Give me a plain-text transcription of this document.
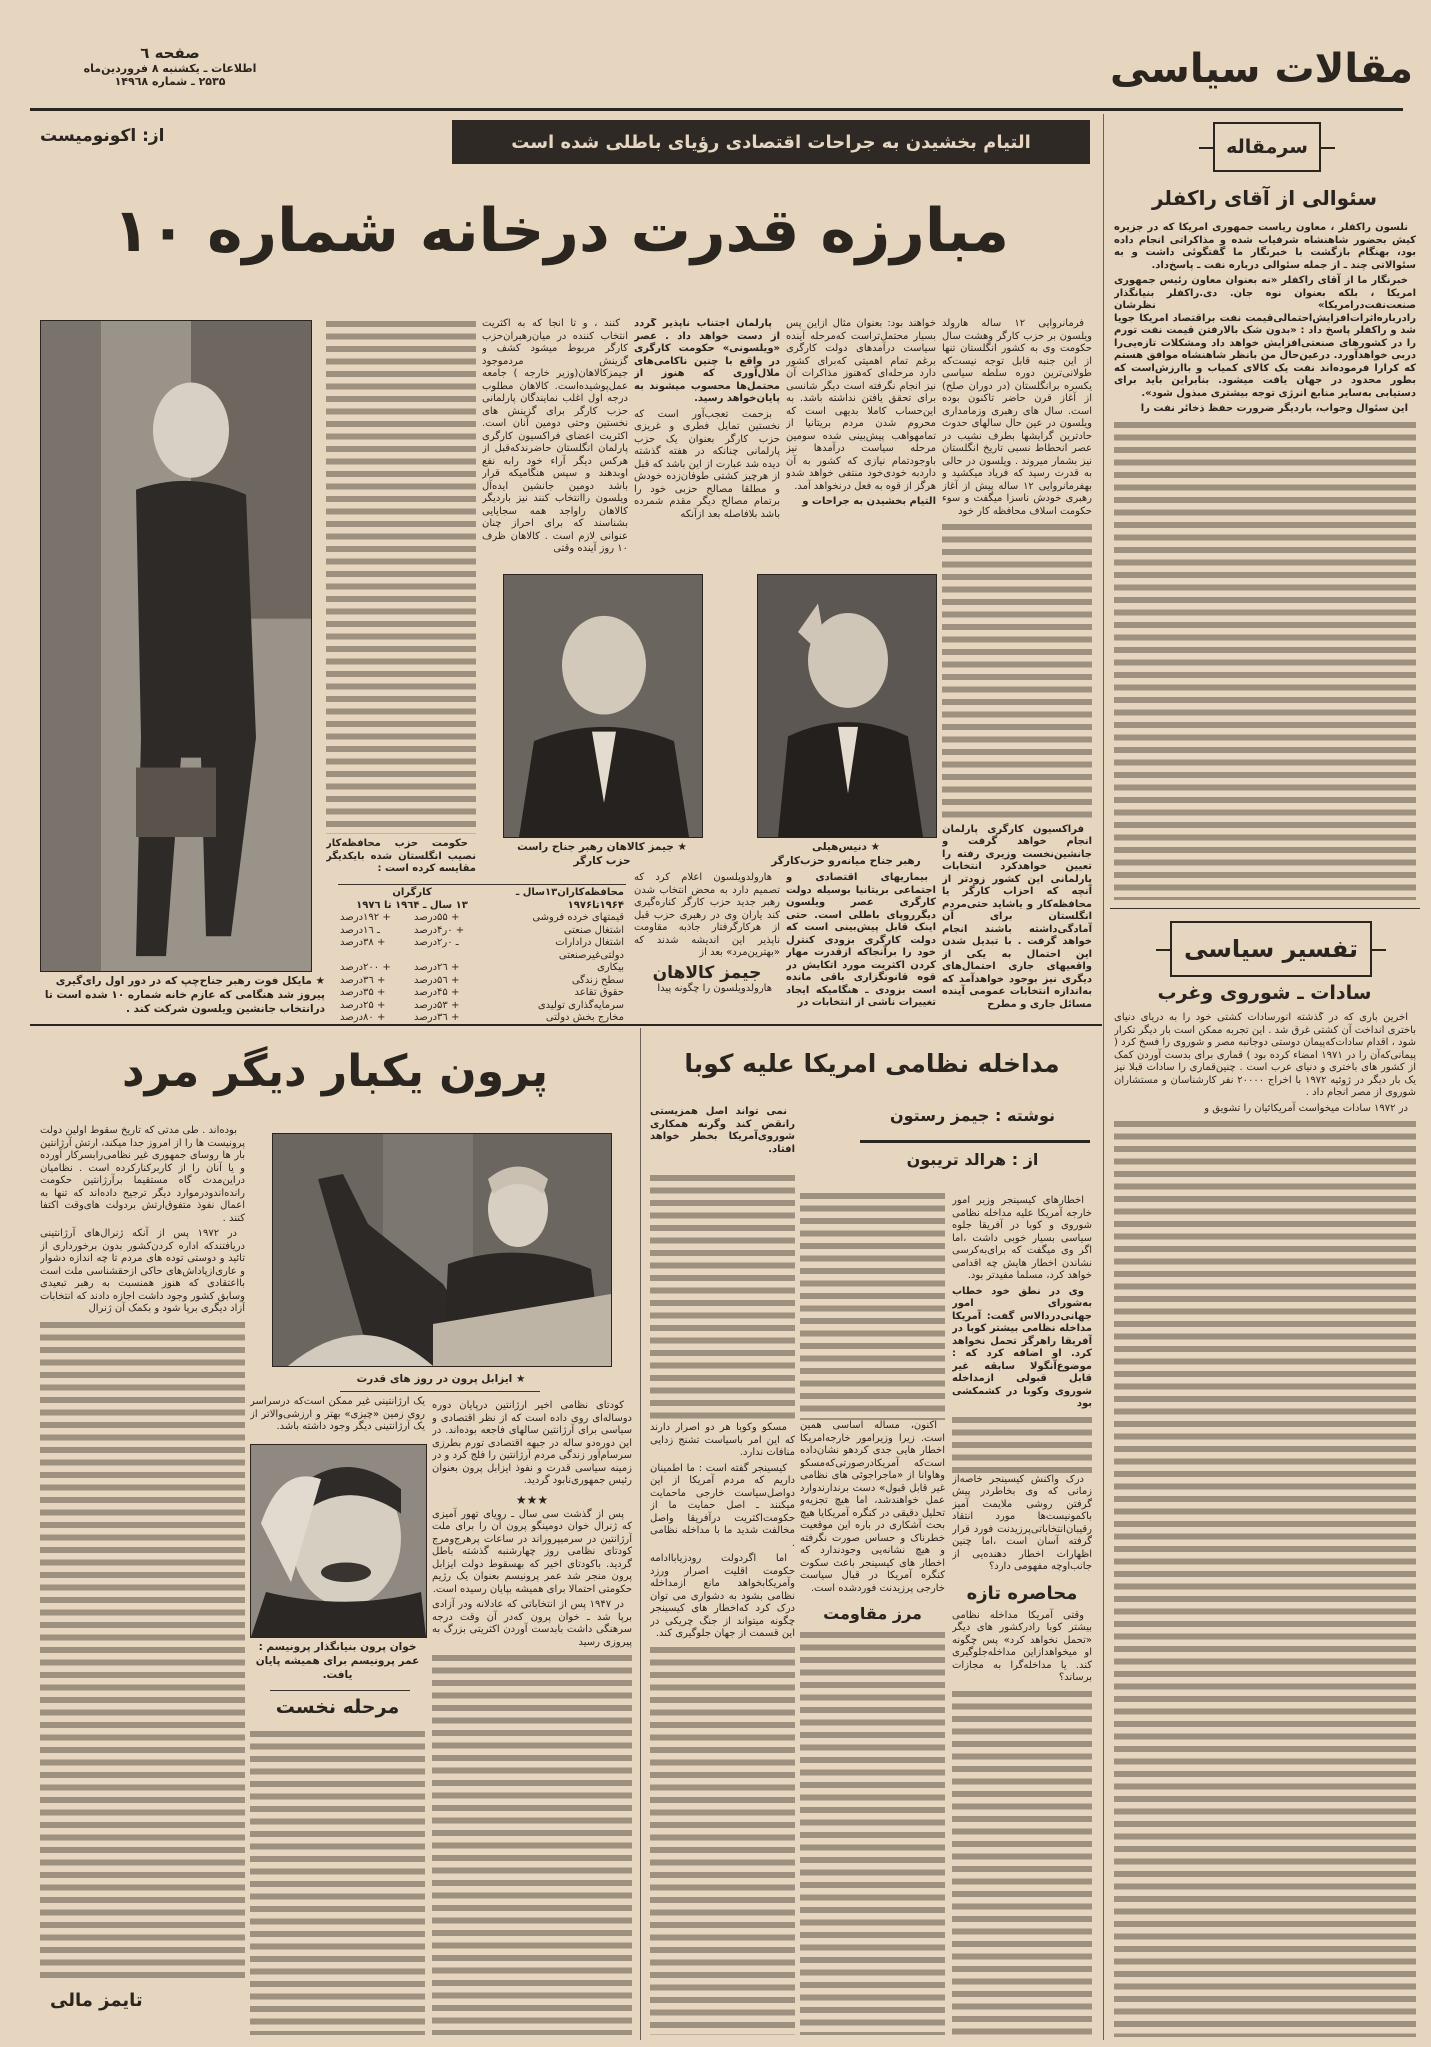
مقالات سیاسی
صفحه ٦
اطلاعات ـ یکشنبه ۸ فروردین‌ماه
۲۵۳۵ ـ شماره ۱۴۹٦۸
سرمقاله
سئوالی از آقای راکفلر

نلسون راکفلر ، معاون ریاست جمهوری امریکا که در جزیره کیش بحضور شاهنشاه شرفیاب شده و مذاکراتی انجام داده بود، بهنگام بازگشت با خبرنگار ما گفتگوئی داشت و به سئوالاتی چند ـ از جمله سئوالی درباره نفت ـ پاسخ‌داد.

خبرنگار ما از آقای راکفلر «نه بعنوان معاون رئیس جمهوری امریکا ، بلکه بعنوان نوه جان. دی.راکفلر بنیانگذار صنعت‌نفت‌درامریکا» نظرشان رادرباره‌اثرات‌افزایش‌احتمالی‌قیمت نفت براقتصاد امریکا جویا شد و راکفلر پاسخ داد : «بدون شک بالارفتن قیمت نفت تورم را در کشورهای صنعتی‌افزایش خواهد داد ومشکلات تازه‌یی‌را دربی خواهدآورد. درعین‌حال من بانظر شاهنشاه موافق هستم که کرارا فرموده‌اند نفت یک کالای کمیاب و باارزش‌است که بطور محدود در جهان یافت میشود. بنابراین باید برای دستیابی به‌سایر منابع انرژی توجه بیشتری مبذول شود».

این سئوال وجواب، باردیگر ضرورت حفظ ذخائر نفت را

تفسیر سیاسی
سادات ـ شوروی وغرب

آخرین باری که در گذشته انورسادات کشتی خود را به دریای دنیای باختری انداخت آن کشتی غرق شد . این تجربه ممکن است بار دیگر تکرار شود ، اقدام سادات‌که‌پیمان دوستی دوجانبه مصر و شوروی را فسخ کرد ( پیمانی‌که‌آن را در ۱۹۷۱ امضاء کرده بود ) قماری برای بدست آوردن کمک از کشور های باختری و دنیای عرب است . چنین‌قماری را سادات قبلا نیز یک بار دیگر در ژوئیه ۱۹۷۲ با اخراج ۲۰۰۰۰ نفر کارشناسان و مستشاران شوروی از مصر انجام داد .

در ۱۹۷۲ سادات میخواست آمریکائیان را تشویق و

التیام بخشیدن به جراحات اقتصادی رؤیای باطلی شده است
از: اکونومیست
مبارزه قدرت درخانه شماره ۱۰
★ مایکل فوت رهبر جناح‌چپ که در دور اول رای‌گیری پیروز شد هنگامی که عازم خانه شماره ۱۰ شده است تا درانتخاب جانشین ویلسون شرکت کند .

فرمانروایی ۱۲ ساله هارولد ویلسون بر حزب کارگر وهشت سال حکومت وی به کشور انگلستان تنها از این جنبه قابل توجه نیست‌که طولانی‌ترین دوره سلطه سیاسی یکسره برانگلستان (در دوران صلح) از آغاز قرن حاضر تاکنون بوده است. سال های رهبری وزمامداری ویلسون در عین حال سالهای حدوث حادترین گرایشها بطرف نشیب در عصر انحطاط نسبی تاریخ انگلستان نیز بشمار میروند . ویلسون در حالی به قدرت رسید که فریاد میکشید و بهفرمانروایی ۱۲ ساله پیش از آغاز رهبری خودش ناسزا میگفت و سوء حکومت اسلاف محافظه کار خود

فراکسیون کارگری پارلمان انجام خواهد گرفت و جانشین‌نخست وزیری رفته را تعیین خواهدکرد انتخابات پارلمانی این کشور زودتر از آنچه که احزاب کارگر یا محافظه‌کار و یاشاید حتی‌مردم انگلستان برای آن آمادگی‌داشته باشند انجام خواهد گرفت . با تبدیل شدن این احتمال به یکی از واقعیهای جاری احتمال‌های دیگری نیز بوجود خواهدآمد که به‌اندازه انتخابات عمومی آینده مسائل جاری و مطرح

خواهند بود: بعنوان مثال ازاین پس بسیار محتمل‌تراست که‌مرحله آینده سیاست درآمدهای دولت کارگری برغم تمام اهمیتی که‌برای کشور دارد مرحله‌ای که‌هنوز مذاکرات آن نیز انجام نگرفته است دیگر شانسی برای تحقق یافتن نداشته باشد. به این‌حساب کاملا بدیهی است که محروم شدن مردم بریتانیا از تمامهواهب پیش‌بینی شده سومین مرحله سیاست درآمدها نیز باوجودتمام نیازی که کشور به آن داردبه خودی‌خود منتفی خواهد شدو هرگز از قوه به فعل درنخواهد آمد.

التیام بخشیدن به جراحات و

پارلمان اجتناب ناپذیر گردد از دست خواهد داد . عصر «ویلسونی» حکومت کارگری در واقع با چنین ناکامی‌های ملال‌آوری که هنوز از محتمل‌ها محسوب میشوند به پایان‌خواهد رسید.

بزحمت تعجب‌آور است که نخستین تمایل فطری و غریزی حزب کارگر بعنوان یک حزب پارلمانی چنانکه در هفته گذشته دیده شد عبارت از این باشد که قبل از هرچیز کشتی طوفان‌زده خودش و مطلقا مصالح حزبی خود را برتمام مصالح دیگر مقدم شمرده باشد بلافاصله بعد ازآنکه

کنند ، و تا آنجا که به اکثریت انتخاب کننده در میان‌رهبران‌حزب کارگر مربوط میشود کشف و گزینش مردموجود جیمزکالاهان(وزیر خارجه ) جامعه عمل‌پوشیده‌است. کالاهان مطلوب درجه اول اغلب نمایندگان پارلمانی حزب کارگر برای گزینش های نخستین وحتی دومین آنان است. اکثریت اعضای فراکسیون کارگری پارلمان انگلستان حاضرندکه‌قبل از هرکس دیگر آراء خود رابه نفع اوبدهند و سپس هنگامیکه قرار باشد دومین جانشین ایده‌آل ویلسون راانتخاب کنند نیز باردیگر کالاهان راواجد همه سجایایی بشناسند که برای احراز چنان عنوانی لازم است . کالاهان ظرف ۱۰ روز آینده وقتی

★ دنیس‌هیلی
رهبر جناح میانه‌رو حزب‌کارگر
★ جیمز کالاهان رهبر جناح راست حزب کارگر

بیماریهای اقتصادی و اجتماعی بریتانیا بوسیله دولت کارگری عصر ویلسون دیگرروپای باطلی است. حتی اینک قابل پیش‌بینی است که دولت کارگری بزودی کنترل خود را برآنجاکه ازقدرت مهار کردن اکثریت مورد اتکایش در قوه قانونگزاری باقی مانده است بزودی ـ هنگامیکه ایجاد تغییرات ناشی از انتخابات در

هارولدویلسون اعلام کرد که تصمیم دارد به محض انتخاب شدن رهبر جدید حزب کارگر کناره‌گیری کند یاران وی در رهبری حزب قبل از هرکارگرفتار جاذبه مقاومت ناپذیر این اندیشه شدند که «بهترین‌مرد» بعد از

جیمز کالاهان

هارولدویلسون را چگونه پیدا

حکومت حزب محافظه‌کار نصیب انگلستان شده بایکدیگر مقایسه کرده است :

محافظه‌کاران۱۳سال ـ ۱۹۶۴تا۱۹۷۶	کارگران
۱۳ سال ـ ۱۹٦۴ تا ۱۹۷٦	

قیمتهای خرده فروشی	+ ۵۵درصد	+ ۱۹۲درصد
اشتغال صنعتی	+ ۰ر۴درصد	ـ ۱٦درصد
اشتغال درادارات دولتی‌غیرصنعتی	ـ ۰ر۲درصد	+ ۳۸درصد
بیکاری	+ ۲٦درصد	+ ۲۰۰درصد
سطح زندگی	+ ۵٦درصد	+ ۳٦درصد
حقوق تقاعد	+ ۴۵درصد	+ ۳۵درصد
سرمایه‌گذاری تولیدی	+ ۵۳درصد	+ ۲۵درصد
مخارج بخش دولتی	+ ۳٦درصد	+ ۸۰درصد
مداخله نظامی امریکا علیه کوبا

نمی تواند اصل همزیستی رانقض کند وگرنه همکاری شوروی‌آمریکا بخطر خواهد افتاد.

نوشته : جیمز رستون
از : هرالد تریبون

اخطارهای کیسینجر وزیر امور خارجه آمریکا علیه مداخله نظامی شوروی و کوبا در آفریقا جلوه سیاسی بسیار خوبی داشت ،اما اگر وی میگفت که برای‌به‌کرسی نشاندن اخطار هایش چه اقدامی خواهد کرد، مسلما مفیدتر بود.

وی در نطق خود خطاب به‌شورای امور جهانی‌دردالاس گفت: آمریکا مداخله نظامی بیشتر کوبا در آفریقا راهرگز تحمل نخواهد کرد. او اضافه کرد که : موضوع‌آنگولا سابقه غیر قابل قبولی ازمداخله شوروی وکوبا در کشمکشی بود

درک واکنش کیسینجر خاصه‌از زمانی که وی بخاطردر پیش گرفتن روشی ملایمت آمیز باکمونیست‌ها مورد انتقاد رقیبان‌انتخاباتی‌پرزیدنت فورد قرار گرفته آسان است ،اما چنین اظهارات اخطار دهنده‌یی از جانب‌اوچه مفهومی دارد؟

محاصره تازه

وقتی آمریکا مداخله نظامی بیشتر کوبا رادرکشور های دیگر «تحمل نخواهد کرد» پس چگونه او میخواهدازاین مداخله‌جلوگیری کند. یا مداخله‌گرا به مجازات برساند؟

اکنون، مساله اساسی همین است. زیرا وزیرامور خارجه‌امریکا اخطار هایی جدی کردهو نشان‌داده است‌که آمریکادرصورتی‌که‌مسکو وهاوانا از «ماجراجوئی های نظامی غیر قابل قبول» دست برندارندوارد عمل خواهندشد، اما هیچ تجزیه‌و تحلیل دقیقی در کنگره آمریکایا هیچ بحث آشکاری در باره این موقعیت خطرناک و حساس صورت نگرفته و هیچ نشانه‌یی وجودندارد که اخطار های کیسینجر باعث سکوت کنگره آمریکا در قبال سیاست خارجی پرزیدنت فوردشده است.

مرز مقاومت

مسکو وکوبا هر دو اصرار دارند که این امر باسیاست تشنج زدایی منافات ندارد.

کیسینجر گفته است : ما اطمینان داریم که مردم آمریکا از این دواصل‌سیاست خارجی ماحمایت میکنند ـ اصل حمایت ما از حکومت‌اکثریت درآفریقا واصل مخالفت شدید ما با مداخله نظامی .

اما اگردولت رودزیاباادامه حکومت اقلیت اصرار ورزد وآمریکابخواهد مانع ازمداخله نظامی بشود به دشواری می توان درک کرد که‌اخطار های کیسینجر چگونه میتواند از جنگ چریکی در این قسمت از جهان جلوگیری کند.

پرون یکبار دیگر مرد

بوده‌اند . طی مدتی که تاریخ سقوط اولین دولت پرونیست ها را از امروز جدا میکند، ارتش آرژانتین بار ها روسای جمهوری غیر نظامی‌رابسرکار آورده و یا آنان را از کاربرکنارکرده است . نظامیان دراین‌مدت گاه مستقیما برآرژانتین حکومت رانده‌اندودرموارد دیگر ترجیح داده‌اند که تنها به اعمال نفوذ متفوق‌ارتش بردولت های‌وقت اکتفا کنند .

در ۱۹۷۲ پس از آنکه ژنرال‌های آرژانتینی دریافتندکه اداره کردن‌کشور بدون برخورداری از تائید و دوستی توده های مردم تا چه اندازه دشوار و عاری‌ازپاداش‌های حاکی ازحقشناسی ملت است بااعتقادی که هنوز همنسبت به رهبر تبعیدی وسابق کشور وجود داشت اجازه دادند که انتخابات آزاد دیگری برپا شود و بکمک آن ژنرال

تایمز مالی
★ ایزابل پرون در روز های قدرت

یک آرژانتینی غیر ممکن است‌که درسراسر روی زمین «چیزی» بهتر و ارزشی‌والاتر از یک آرژانتینی دیگر وجود داشته باشد.

خوان پرون بنیانگذار پرونیسم : عمر پرونیسم برای همیشه پایان یافت.
مرحله نخست

کودتای نظامی اخیر آرژانتین درپایان دوره دوساله‌ای روی داده است که از نظر اقتصادی و سیاسی برای آرژانتین سالهای فاجعه بوده‌اند. در این دوره‌دو ساله در جبهه اقتصادی تورم بطرزی سرسام‌آور زندگی مردم آرژانتین را فلج کرد و در زمینه سیاسی قدرت و نفوذ ایزابل پرون بعنوان رئیس جمهوری‌نابود گردید.

★★★

پس از گذشت سی سال ـ رویای تهور آمیزی که ژنرال خوان دومینگو پرون آن را برای ملت آرژانتین در سرمیپروراند در ساعات پرهرج‌ومرج کودتای نظامی روز چهارشنبه گذشته باطل گردید. باکودتای اخیر که بهسقوط دولت ایزابل پرون منجر شد عمر پرونیسم بعنوان یک رژیم حکومتی احتمالا برای همیشه بپایان رسیده است.

در ۱۹۴۷ پس از انتخاباتی که عادلانه ودر آزادی برپا شد ـ خوان پرون که‌در آن وقت درجه سرهنگی داشت بابدست آوردن اکثریتی بزرگ به پیروزی رسید
